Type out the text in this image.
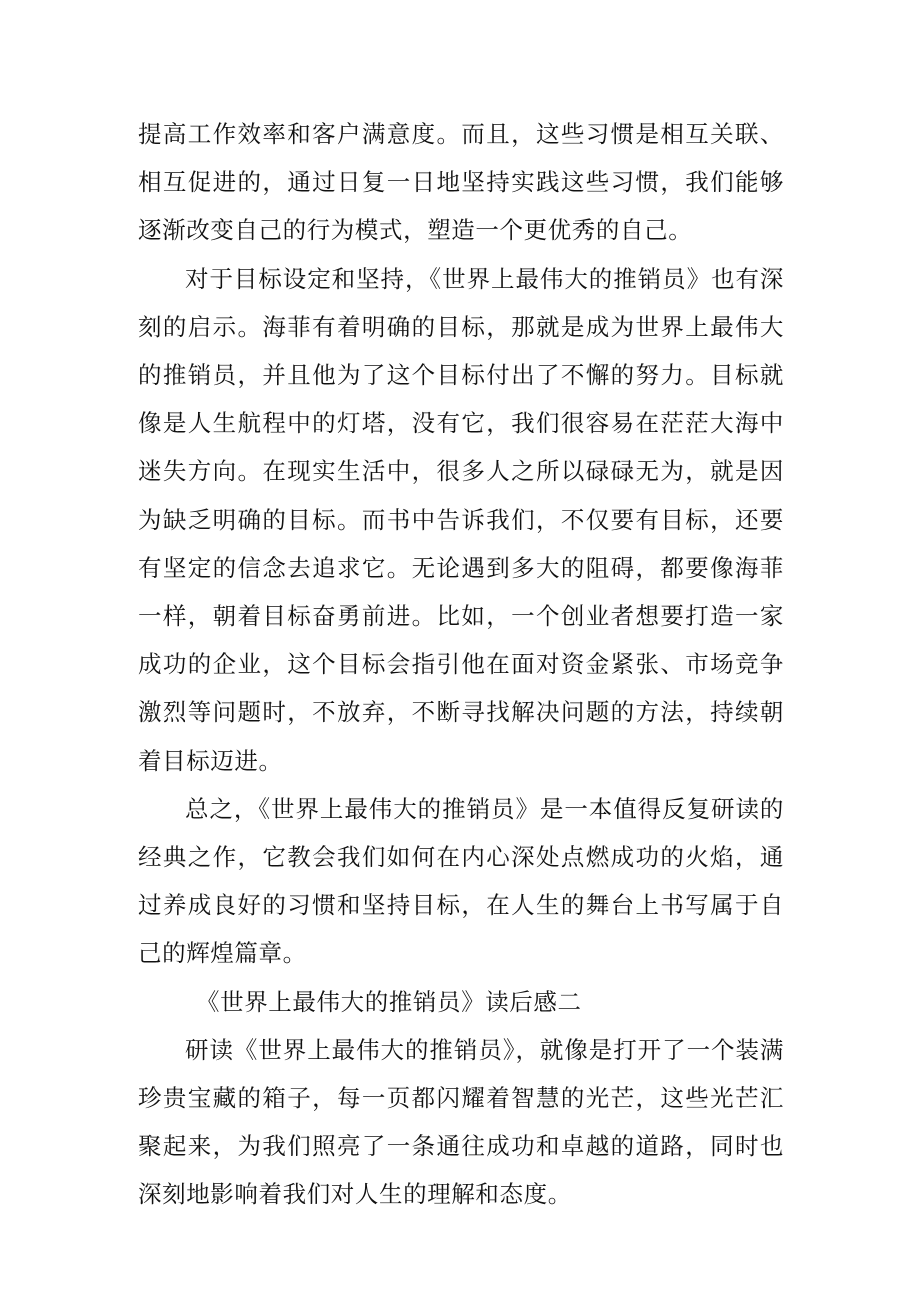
提高工作效率和客户满意度。而且，这些习惯是相互关联、相互促进的，通过日复一日地坚持实践这些习惯，我们能够逐渐改变自己的行为模式，塑造一个更优秀的自己。

对于目标设定和坚持，《世界上最伟大的推销员》也有深刻的启示。海菲有着明确的目标，那就是成为世界上最伟大的推销员，并且他为了这个目标付出了不懈的努力。目标就像是人生航程中的灯塔，没有它，我们很容易在茫茫大海中迷失方向。在现实生活中，很多人之所以碌碌无为，就是因为缺乏明确的目标。而书中告诉我们，不仅要有目标，还要有坚定的信念去追求它。无论遇到多大的阻碍，都要像海菲一样，朝着目标奋勇前进。比如，一个创业者想要打造一家成功的企业，这个目标会指引他在面对资金紧张、市场竞争激烈等问题时，不放弃，不断寻找解决问题的方法，持续朝着目标迈进。

总之，《世界上最伟大的推销员》是一本值得反复研读的经典之作，它教会我们如何在内心深处点燃成功的火焰，通过养成良好的习惯和坚持目标，在人生的舞台上书写属于自己的辉煌篇章。

《世界上最伟大的推销员》读后感二

研读《世界上最伟大的推销员》，就像是打开了一个装满珍贵宝藏的箱子，每一页都闪耀着智慧的光芒，这些光芒汇聚起来，为我们照亮了一条通往成功和卓越的道路，同时也深刻地影响着我们对人生的理解和态度。
